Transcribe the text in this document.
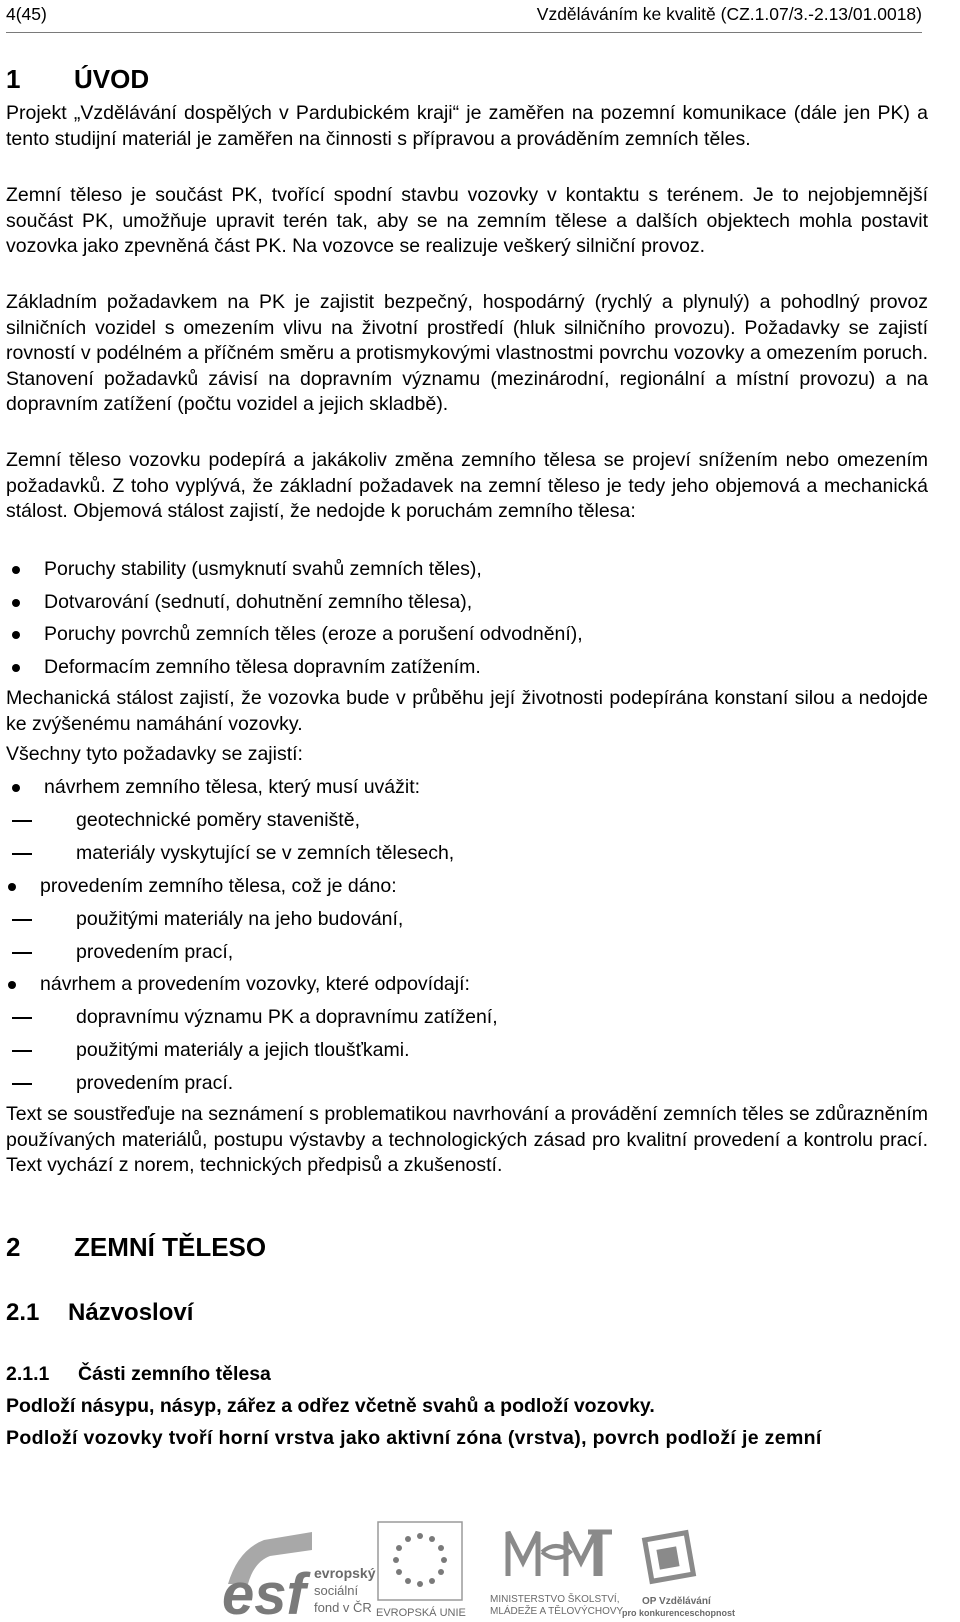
4(45)	Vzděláváním ke kvalitě (CZ.1.07/3.-2.13/01.0018)
1 ÚVOD
Projekt „Vzdělávání dospělých v Pardubickém kraji“ je zaměřen na pozemní komunikace (dále jen PK) a tento studijní materiál je zaměřen na činnosti s přípravou a prováděním zemních těles.
Zemní těleso je součást PK, tvořící spodní stavbu vozovky v kontaktu s terénem. Je to nejobjemnější součást PK, umožňuje upravit terén tak, aby se na zemním tělese a dalších objektech mohla postavit vozovka jako zpevněná část PK. Na vozovce se realizuje veškerý silniční provoz.
Základním požadavkem na PK je zajistit bezpečný, hospodárný (rychlý a plynulý) a pohodlný provoz silničních vozidel s omezením vlivu na životní prostředí (hluk silničního provozu). Požadavky se zajistí rovností v podélném a příčném směru a protismykovými vlastnostmi povrchu vozovky a omezením poruch. Stanovení požadavků závisí na dopravním významu (mezinárodní, regionální a místní provozu) a na dopravním zatížení (počtu vozidel a jejich skladbě).
Zemní těleso vozovku podepírá a jakákoliv změna zemního tělesa se projeví snížením nebo omezením požadavků. Z toho vyplývá, že základní požadavek na zemní těleso je tedy jeho objemová a mechanická stálost. Objemová stálost zajistí, že nedojde k poruchám zemního tělesa:
Poruchy stability (usmyknutí svahů zemních těles),
Dotvarování (sednutí, dohutnění zemního tělesa),
Poruchy povrchů zemních těles (eroze a porušení odvodnění),
Deformacím zemního tělesa dopravním zatížením.
Mechanická stálost zajistí, že vozovka bude v průběhu její životnosti podepírána konstaní silou a nedojde ke zvýšenému namáhání vozovky.
Všechny tyto požadavky se zajistí:
návrhem zemního tělesa, který musí uvážit:
geotechnické poměry staveniště,
materiály vyskytující se v zemních tělesech,
provedením zemního tělesa, což je dáno:
použitými materiály na jeho budování,
provedením prací,
návrhem a provedením vozovky, které odpovídají:
dopravnímu významu PK a dopravnímu zatížení,
použitými materiály a jejich tloušťkami.
provedením prací.
Text se soustřeďuje na seznámení s problematikou navrhování a provádění zemních těles se zdůrazněním používaných materiálů, postupu výstavby a technologických zásad pro kvalitní provedení a kontrolu prací. Text vychází z norem, technických předpisů a zkušeností.
2 ZEMNÍ TĚLESO
2.1 Názvosloví
2.1.1 Části zemního tělesa
Podloží násypu, násyp, zářez a odřez včetně svahů a podloží vozovky.
Podloží vozovky tvoří horní vrstva jako aktivní zóna (vrstva), povrch podloží je zemní
esf evropský
sociální
fond v ČR EVROPSKÁ UNIE
MINISTERSTVO ŠKOLSTVÍ,
MLÁDEŽE A TĚLOVÝCHOVY
OP Vzdělávání
pro konkurenceschopnost
